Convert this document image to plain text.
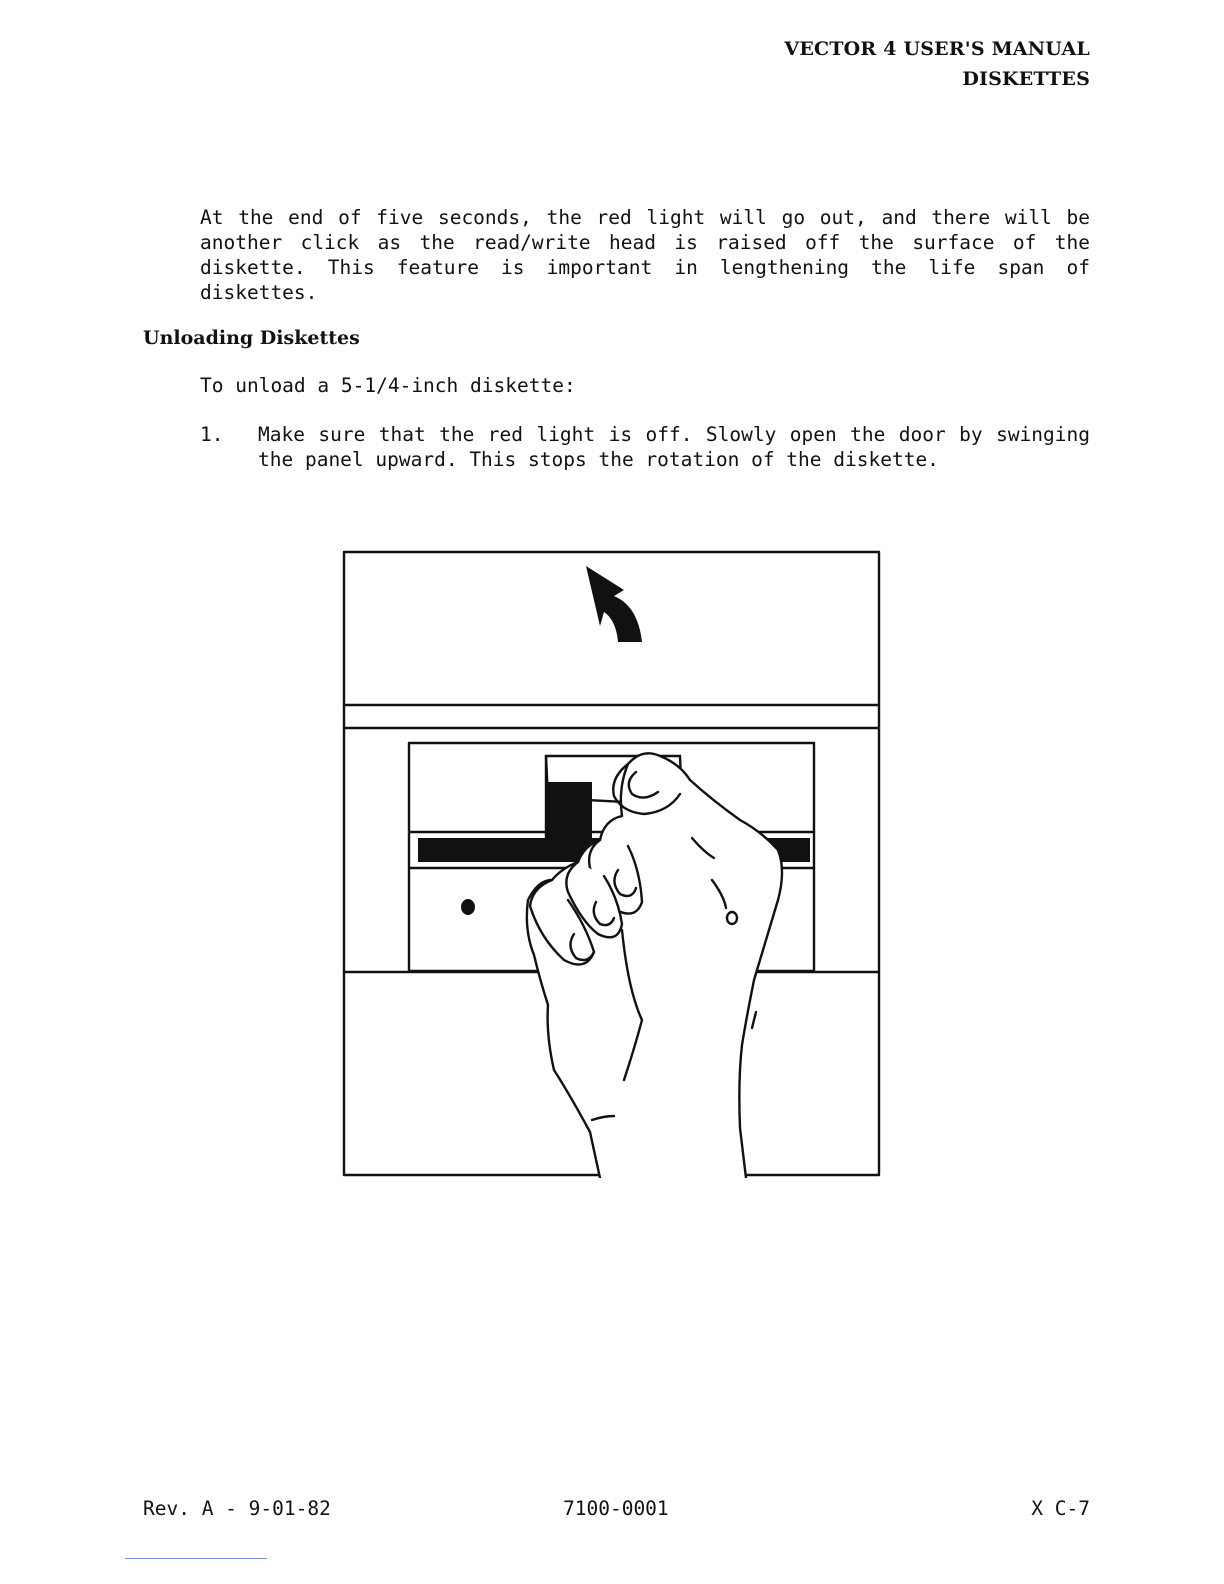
VECTOR 4 USER'S MANUAL
DISKETTES
At the end of five seconds, the red light will go out, and there will be another click as the read/write head is raised off the surface of the diskette. This feature is important in lengthening the life span of diskettes.
Unloading Diskettes
To unload a 5-1/4-inch diskette:
1. Make sure that the red light is off. Slowly open the door by swinging the panel upward. This stops the rotation of the diskette.
Rev. A - 9-01-82	7100-0001	X C-7
